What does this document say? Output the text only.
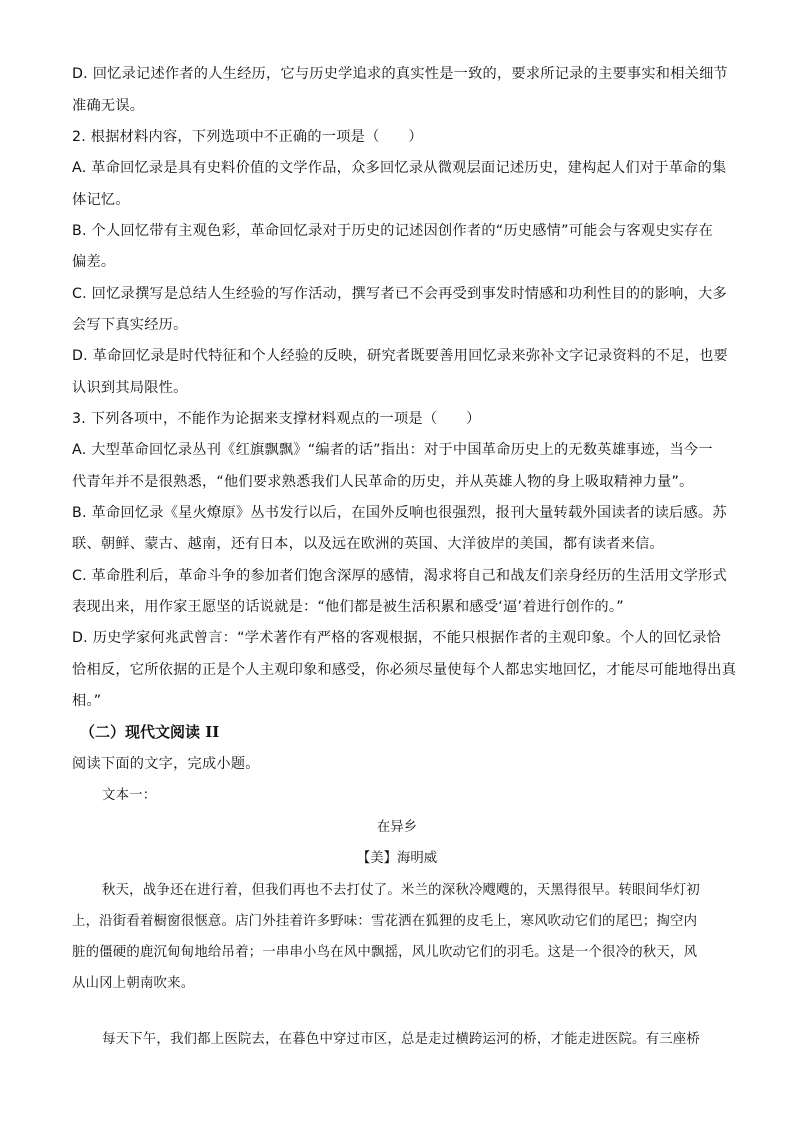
D. 回忆录记述作者的人生经历，它与历史学追求的真实性是一致的，要求所记录的主要事实和相关细节
准确无误。
2. 根据材料内容，下列选项中不正确的一项是（　　）
A. 革命回忆录是具有史料价值的文学作品，众多回忆录从微观层面记述历史，建构起人们对于革命的集
体记忆。
B. 个人回忆带有主观色彩，革命回忆录对于历史的记述因创作者的“历史感情”可能会与客观史实存在
偏差。
C. 回忆录撰写是总结人生经验的写作活动，撰写者已不会再受到事发时情感和功利性目的的影响，大多
会写下真实经历。
D. 革命回忆录是时代特征和个人经验的反映，研究者既要善用回忆录来弥补文字记录资料的不足，也要
认识到其局限性。
3. 下列各项中，不能作为论据来支撑材料观点的一项是（　　）
A. 大型革命回忆录丛刊《红旗飘飘》“编者的话”指出：对于中国革命历史上的无数英雄事迹，当今一
代青年并不是很熟悉，“他们要求熟悉我们人民革命的历史，并从英雄人物的身上吸取精神力量”。
B. 革命回忆录《星火燎原》丛书发行以后，在国外反响也很强烈，报刊大量转载外国读者的读后感。苏
联、朝鲜、蒙古、越南，还有日本，以及远在欧洲的英国、大洋彼岸的美国，都有读者来信。
C. 革命胜利后，革命斗争的参加者们饱含深厚的感情，渴求将自己和战友们亲身经历的生活用文学形式
表现出来，用作家王愿坚的话说就是：“他们都是被生活积累和感受‘逼’着进行创作的。”
D. 历史学家何兆武曾言：“学术著作有严格的客观根据，不能只根据作者的主观印象。个人的回忆录恰
恰相反，它所依据的正是个人主观印象和感受，你必须尽量使每个人都忠实地回忆，才能尽可能地得出真
相。”
（二）现代文阅读 II
阅读下面的文字，完成小题。
文本一：
在异乡
【美】海明威
秋天，战争还在进行着，但我们再也不去打仗了。米兰的深秋冷飕飕的，天黑得很早。转眼间华灯初
上，沿街看着橱窗很惬意。店门外挂着许多野味：雪花洒在狐狸的皮毛上，寒风吹动它们的尾巴；掏空内
脏的僵硬的鹿沉甸甸地给吊着；一串串小鸟在风中飘摇，风儿吹动它们的羽毛。这是一个很冷的秋天，风
从山冈上朝南吹来。
每天下午，我们都上医院去，在暮色中穿过市区，总是走过横跨运河的桥，才能走进医院。有三座桥
